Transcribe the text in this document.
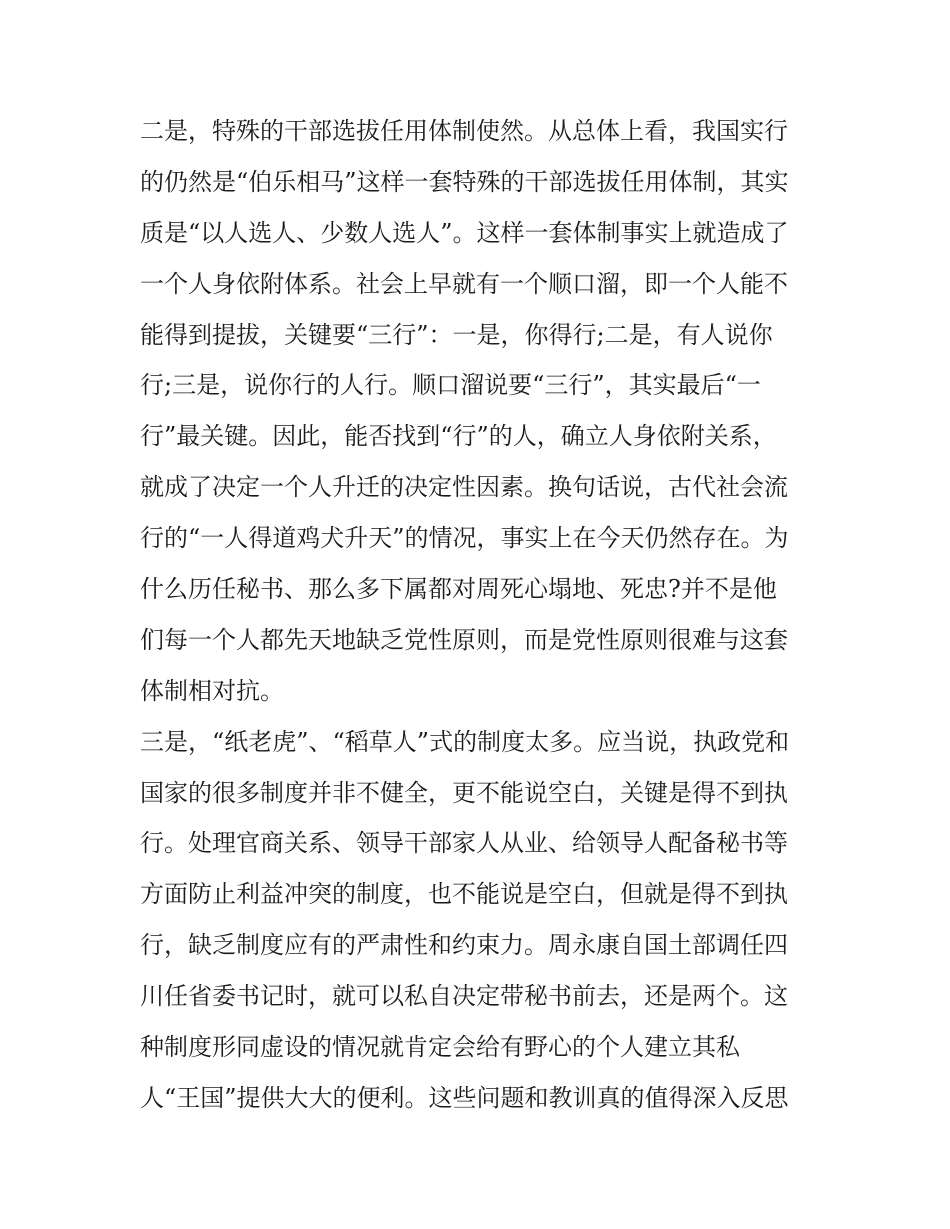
二是，特殊的干部选拔任用体制使然。从总体上看，我国实行
的仍然是“伯乐相马”这样一套特殊的干部选拔任用体制，其实
质是“以人选人、少数人选人”。这样一套体制事实上就造成了
一个人身依附体系。社会上早就有一个顺口溜，即一个人能不
能得到提拔，关键要“三行”：一是，你得行;二是，有人说你
行;三是，说你行的人行。顺口溜说要“三行”，其实最后“一
行”最关键。因此，能否找到“行”的人，确立人身依附关系，
就成了决定一个人升迁的决定性因素。换句话说，古代社会流
行的“一人得道鸡犬升天”的情况，事实上在今天仍然存在。为
什么历任秘书、那么多下属都对周死心塌地、死忠?并不是他
们每一个人都先天地缺乏党性原则，而是党性原则很难与这套
体制相对抗。
三是，“纸老虎”、“稻草人”式的制度太多。应当说，执政党和
国家的很多制度并非不健全，更不能说空白，关键是得不到执
行。处理官商关系、领导干部家人从业、给领导人配备秘书等
方面防止利益冲突的制度，也不能说是空白，但就是得不到执
行，缺乏制度应有的严肃性和约束力。周永康自国土部调任四
川任省委书记时，就可以私自决定带秘书前去，还是两个。这
种制度形同虚设的情况就肯定会给有野心的个人建立其私
人“王国”提供大大的便利。这些问题和教训真的值得深入反思
